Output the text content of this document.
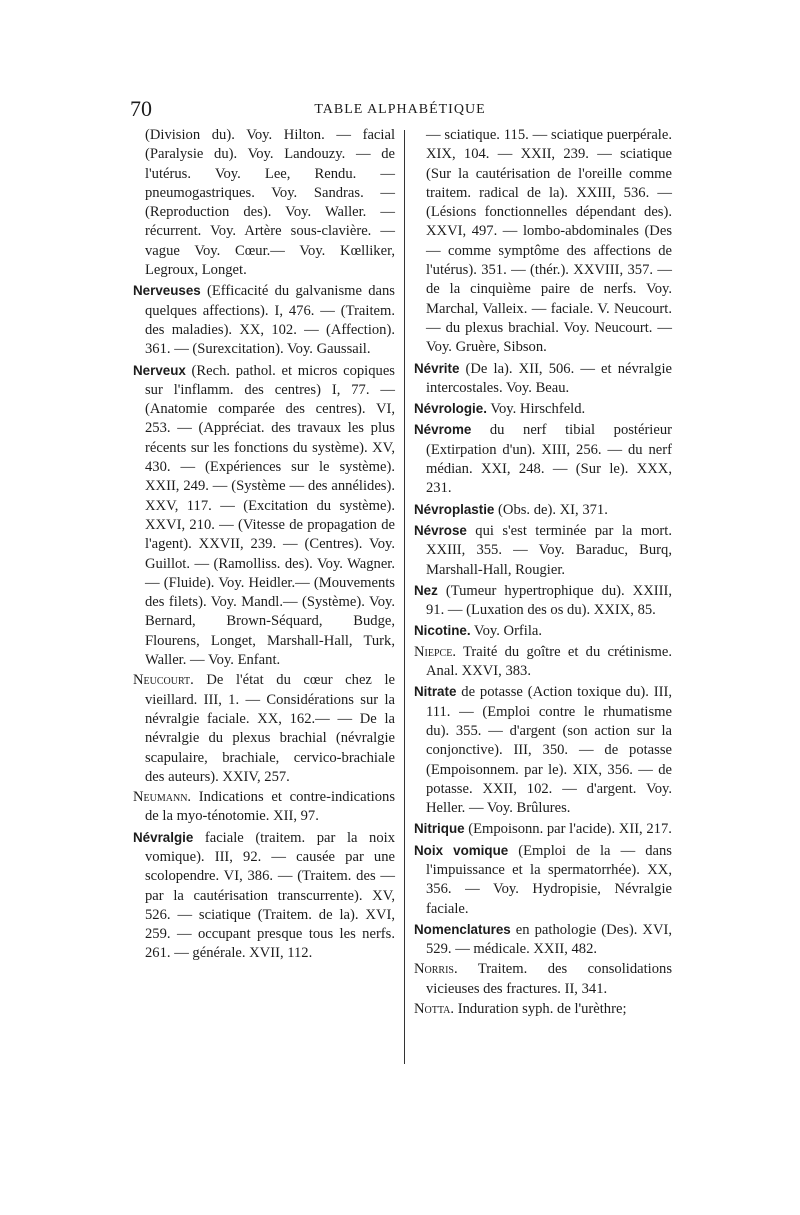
70	TABLE ALPHABÉTIQUE

(Division du). Voy. Hilton. — facial (Paralysie du). Voy. Landouzy. — de l'utérus. Voy. Lee, Rendu. — pneumogastriques. Voy. Sandras. — (Reproduction des). Voy. Waller. — récurrent. Voy. Artère sous-clavière. — vague Voy. Cœur.— Voy. Kœlliker, Legroux, Longet.

Nerveuses (Efficacité du galvanisme dans quelques affections). I, 476. — (Traitem. des maladies). XX, 102. — (Affection). 361. — (Surexcitation). Voy. Gaussail.

Nerveux (Rech. pathol. et micros copiques sur l'inflamm. des centres) I, 77. — (Anatomie comparée des centres). VI, 253. — (Appréciat. des travaux les plus récents sur les fonctions du système). XV, 430. — (Expériences sur le système). XXII, 249. — (Système — des annélides). XXV, 117. — (Excitation du système). XXVI, 210. — (Vitesse de propagation de l'agent). XXVII, 239. — (Centres). Voy. Guillot. — (Ramolliss. des). Voy. Wagner. — (Fluide). Voy. Heidler.— (Mouvements des filets). Voy. Mandl.— (Système). Voy. Bernard, Brown-Séquard, Budge, Flourens, Longet, Marshall-Hall, Turk, Waller. — Voy. Enfant.

Neucourt. De l'état du cœur chez le vieillard. III, 1. — Considérations sur la névralgie faciale. XX, 162.— — De la névralgie du plexus brachial (névralgie scapulaire, brachiale, cervico-brachiale des auteurs). XXIV, 257.

Neumann. Indications et contre-indications de la myo-ténotomie. XII, 97.

Névralgie faciale (traitem. par la noix vomique). III, 92. — causée par une scolopendre. VI, 386. — (Traitem. des — par la cautérisation transcurrente). XV, 526. — sciatique (Traitem. de la). XVI, 259. — occupant presque tous les nerfs. 261. — générale. XVII, 112.

— sciatique. 115. — sciatique puerpérale. XIX, 104. — XXII, 239. — sciatique (Sur la cautérisation de l'oreille comme traitem. radical de la). XXIII, 536. — (Lésions fonctionnelles dépendant des). XXVI, 497. — lombo-abdominales (Des — comme symptôme des affections de l'utérus). 351. — (thér.). XXVIII, 357. — de la cinquième paire de nerfs. Voy. Marchal, Valleix. — faciale. V. Neucourt. — du plexus brachial. Voy. Neucourt. — Voy. Gruère, Sibson.

Névrite (De la). XII, 506. — et névralgie intercostales. Voy. Beau.

Névrologie. Voy. Hirschfeld.

Névrome du nerf tibial postérieur (Extirpation d'un). XIII, 256. — du nerf médian. XXI, 248. — (Sur le). XXX, 231.

Névroplastie (Obs. de). XI, 371.

Névrose qui s'est terminée par la mort. XXIII, 355. — Voy. Baraduc, Burq, Marshall-Hall, Rougier.

Nez (Tumeur hypertrophique du). XXIII, 91. — (Luxation des os du). XXIX, 85.

Nicotine. Voy. Orfila.

Niepce. Traité du goître et du crétinisme. Anal. XXVI, 383.

Nitrate de potasse (Action toxique du). III, 111. — (Emploi contre le rhumatisme du). 355. — d'argent (son action sur la conjonctive). III, 350. — de potasse (Empoisonnem. par le). XIX, 356. — de potasse. XXII, 102. — d'argent. Voy. Heller. — Voy. Brûlures.

Nitrique (Empoisonn. par l'acide). XII, 217.

Noix vomique (Emploi de la — dans l'impuissance et la spermatorrhée). XX, 356. — Voy. Hydropisie, Névralgie faciale.

Nomenclatures en pathologie (Des). XVI, 529. — médicale. XXII, 482.

Norris. Traitem. des consolidations vicieuses des fractures. II, 341.

Notta. Induration syph. de l'urèthre;
